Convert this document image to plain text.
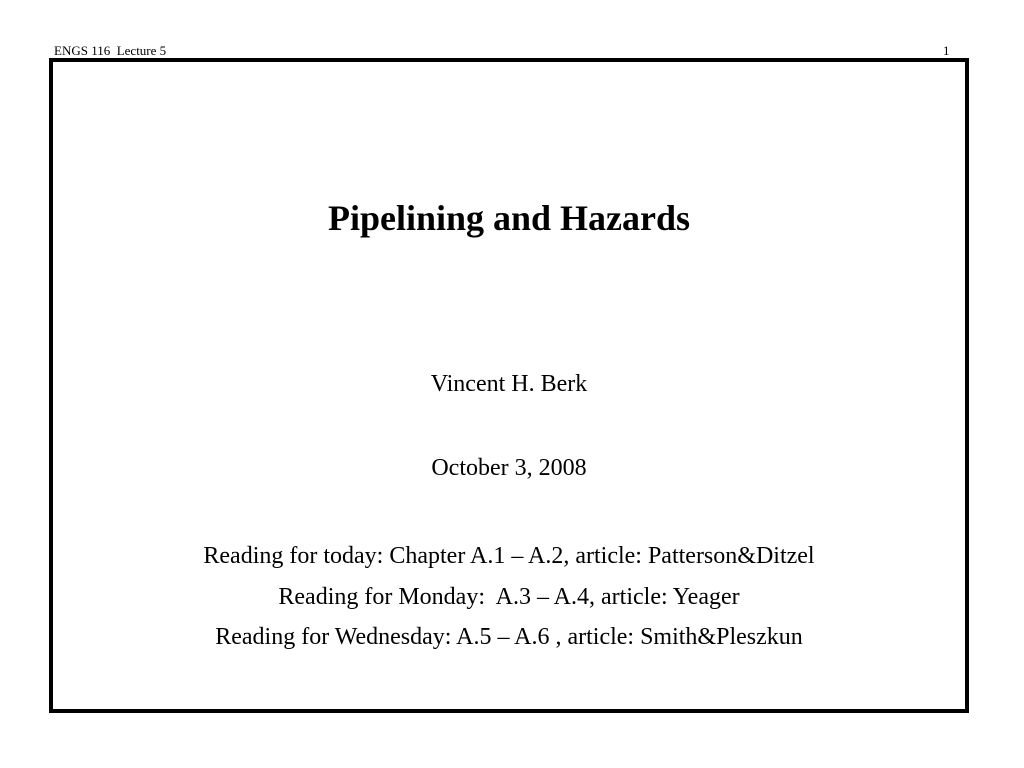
ENGS 116  Lecture 5	1
Pipelining and Hazards
Vincent H. Berk
October 3, 2008
Reading for today: Chapter A.1 – A.2, article: Patterson&Ditzel
Reading for Monday:  A.3 – A.4, article: Yeager
Reading for Wednesday: A.5 – A.6 , article: Smith&Pleszkun
